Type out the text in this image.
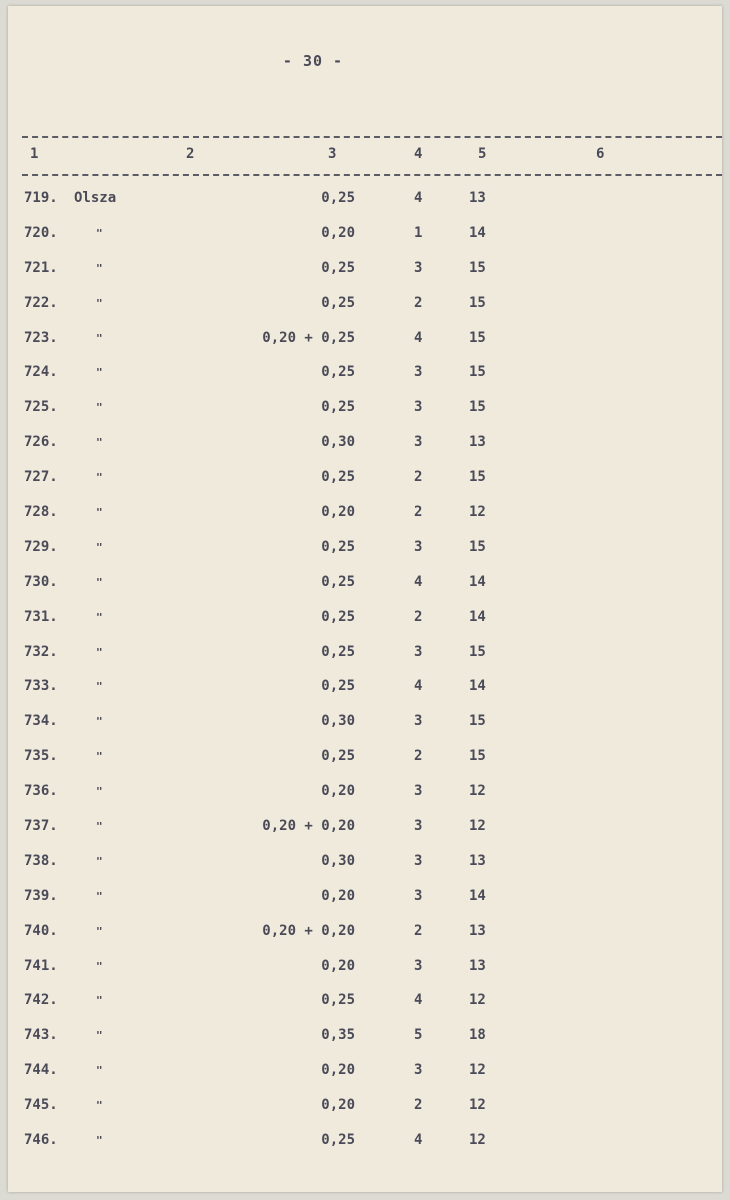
- 30 -
1	2	3	4	5	6
719. Olsza	0,25	4	13
720.	"	0,20	1	14
721.	"	0,25	3	15
722.	"	0,25	2	15
723.	"	0,20 + 0,25	4	15
724.	"	0,25	3	15
725.	"	0,25	3	15
726.	"	0,30	3	13
727.	"	0,25	2	15
728.	"	0,20	2	12
729.	"	0,25	3	15
730.	"	0,25	4	14
731.	"	0,25	2	14
732.	"	0,25	3	15
733.	"	0,25	4	14
734.	"	0,30	3	15
735.	"	0,25	2	15
736.	"	0,20	3	12
737.	"	0,20 + 0,20	3	12
738.	"	0,30	3	13
739.	"	0,20	3	14
740.	"	0,20 + 0,20	2	13
741.	"	0,20	3	13
742.	"	0,25	4	12
743.	"	0,35	5	18
744.	"	0,20	3	12
745.	"	0,20	2	12
746.	"	0,25	4	12
